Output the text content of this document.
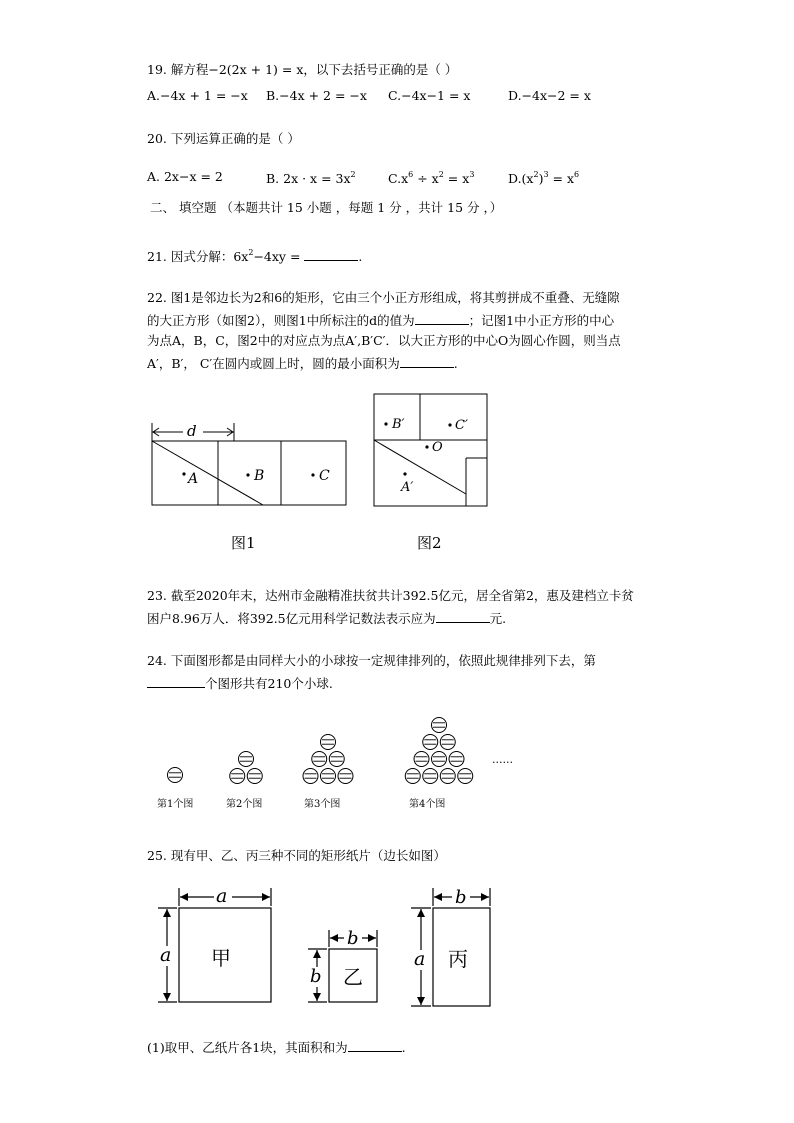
19. 解方程−2(2x + 1) = x，以下去括号正确的是（ ）
A.−4x + 1 = −x B.−4x + 2 = −x C.−4x−1 = x	D.−4x−2 = x
20. 下列运算正确的是（ ）
A. 2x−x = 2	B. $2x \cdot x = 3x^2$	$C.x^6 \div x^2 = x^3$	$D.(x^2)^3 = x^6$
二、 填空题 （本题共计 15 小题 ，每题 1 分 ，共计 15 分 ，）
21. 因式分解：$6x^2-4xy$ =	.
22. 图1是邻边长为2和6的矩形，它由三个小正方形组成，将其剪拼成不重叠、无缝隙
的大正方形（如图2），则图1中所标注的d的值为	；记图1中小正方形的中心
为点A，B，C，图2中的对应点为点A′,B′C′．以大正方形的中心O为圆心作圆，则当点
A′，B′， C′在圆内或圆上时，圆的最小面积为	.
d
A	B	C
图1
B′	C′
O
A′
图2
23. 截至2020年末，达州市金融精准扶贫共计392.5亿元，居全省第2，惠及建档立卡贫
困户8.96万人．将392.5亿元用科学记数法表示应为	元.
24. 下面图形都是由同样大小的小球按一定规律排列的，依照此规律排列下去，第
个图形共有210个小球.
......
第1个图	第2个图	第3个图	第4个图
25. 现有甲、乙、丙三种不同的矩形纸片（边长如图）
a
a 甲
b
b 乙
b
a 丙
(1)取甲、乙纸片各1块，其面积和为	.
